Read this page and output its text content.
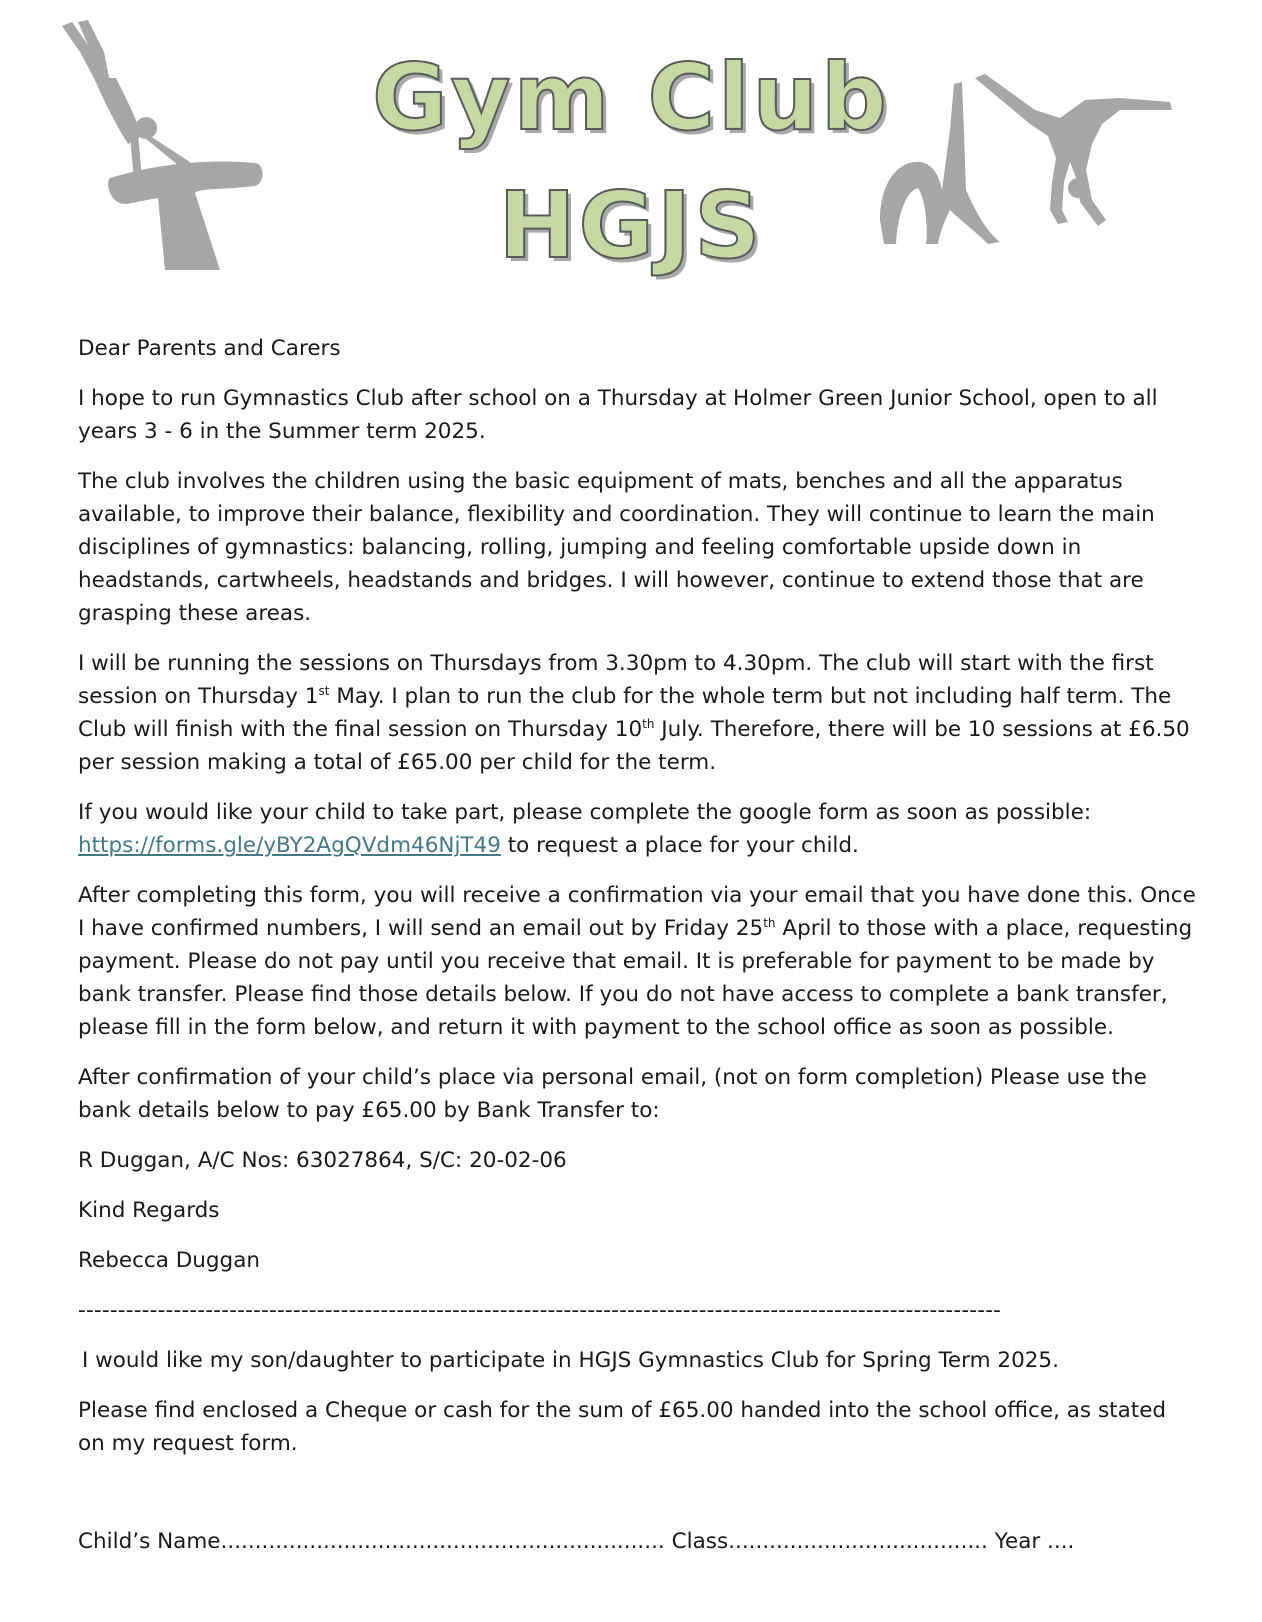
Gym Club
HGJS

Dear Parents and Carers

I hope to run Gymnastics Club after school on a Thursday at Holmer Green Junior School, open to all years 3 - 6 in the Summer term 2025.

The club involves the children using the basic equipment of mats, benches and all the apparatus available, to improve their balance, flexibility and coordination. They will continue to learn the main disciplines of gymnastics: balancing, rolling, jumping and feeling comfortable upside down in headstands, cartwheels, headstands and bridges. I will however, continue to extend those that are grasping these areas.

I will be running the sessions on Thursdays from 3.30pm to 4.30pm. The club will start with the first session on Thursday 1st May. I plan to run the club for the whole term but not including half term. The Club will finish with the final session on Thursday 10th July. Therefore, there will be 10 sessions at £6.50 per session making a total of £65.00 per child for the term.

If you would like your child to take part, please complete the google form as soon as possible: https://forms.gle/yBY2AgQVdm46NjT49 to request a place for your child.

After completing this form, you will receive a confirmation via your email that you have done this. Once I have confirmed numbers, I will send an email out by Friday 25th April to those with a place, requesting payment. Please do not pay until you receive that email. It is preferable for payment to be made by bank transfer. Please find those details below. If you do not have access to complete a bank transfer, please fill in the form below, and return it with payment to the school office as soon as possible.

After confirmation of your child’s place via personal email, (not on form completion) Please use the bank details below to pay £65.00 by Bank Transfer to:

R Duggan, A/C Nos: 63027864, S/C: 20-02-06

Kind Regards

Rebecca Duggan

--------------------------------------------------------------------------------------------------------------------

I would like my son/daughter to participate in HGJS Gymnastics Club for Spring Term 2025.

Please find enclosed a Cheque or cash for the sum of £65.00 handed into the school office, as stated on my request form.

Child’s Name................................................................. Class...................................... Year ....
